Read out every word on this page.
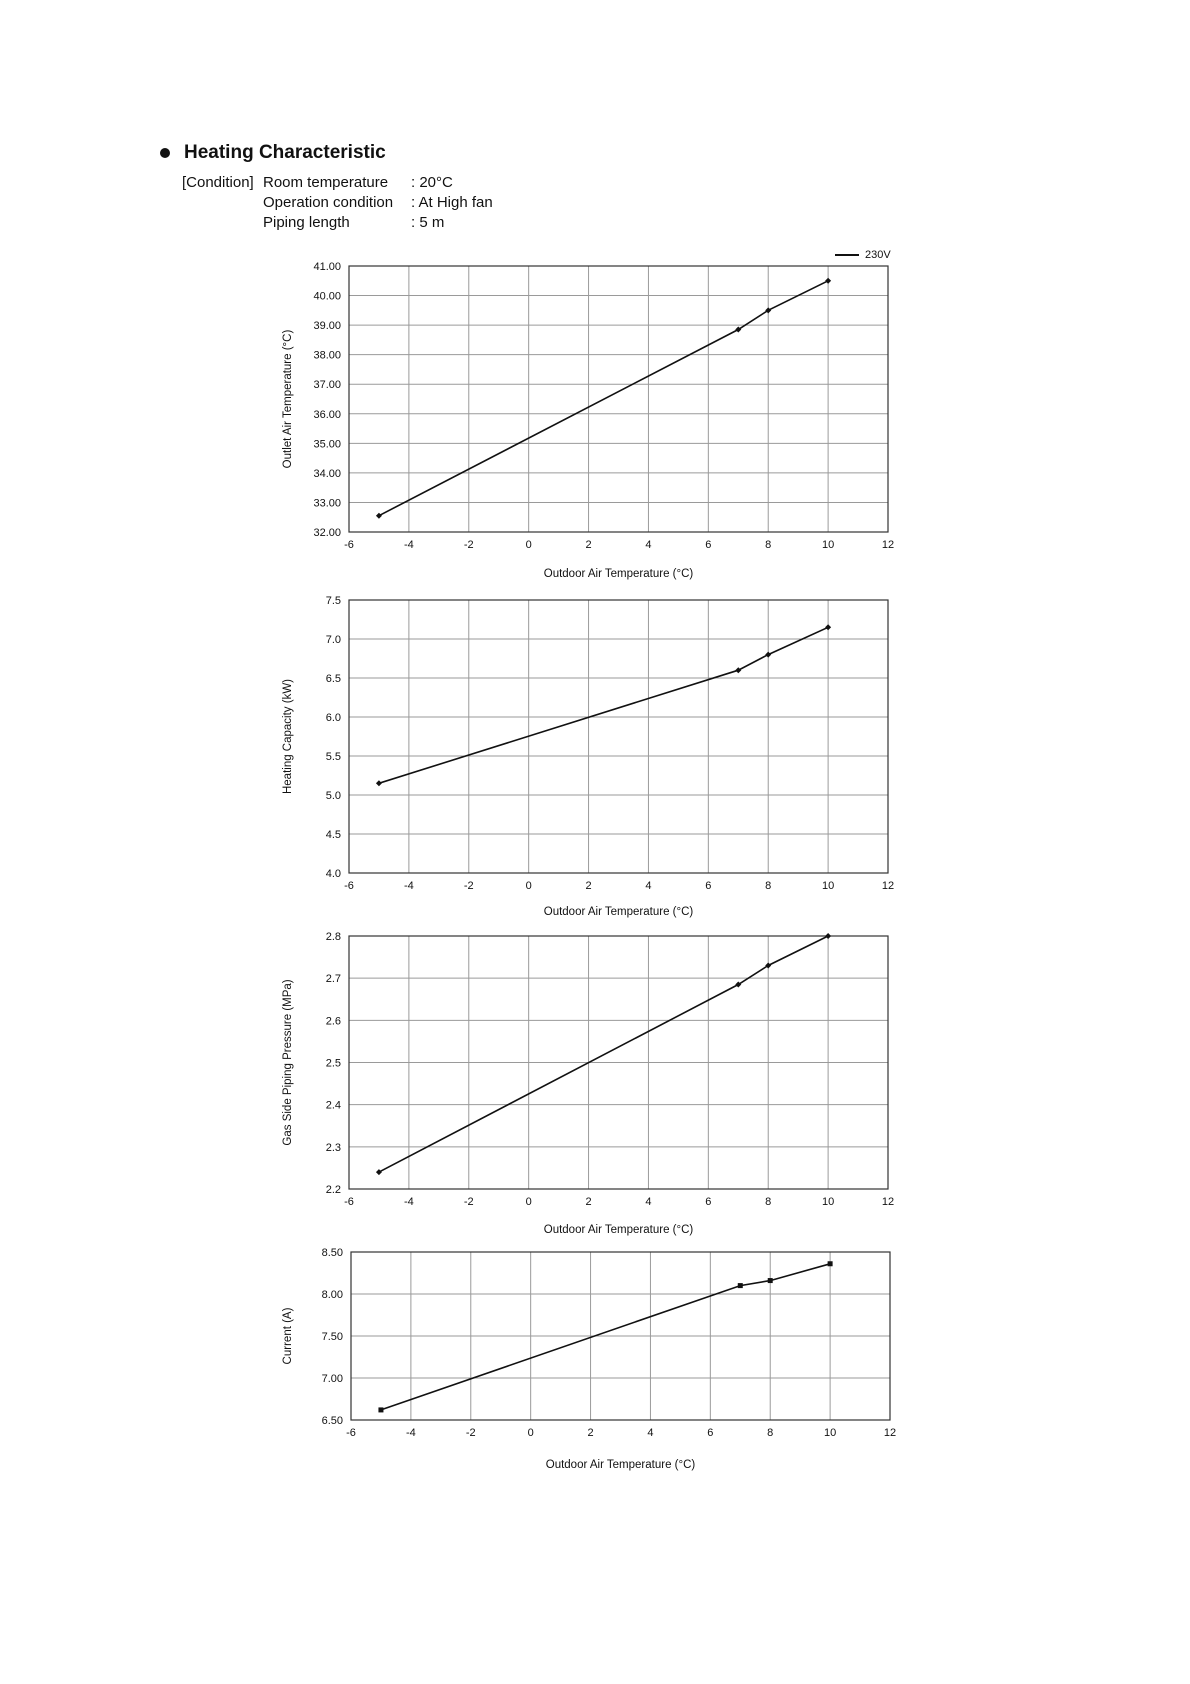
Heating Characteristic
[Condition] Room temperature : 20°C
Operation condition : At High fan
Piping length	: 5 m
230V
-6	-4	-2	0	2	4	6	8	10	12
32.00
33.00
34.00
35.00
36.00
37.00
38.00
39.00
40.00
41.00
Outdoor Air Temperature (°C)
Outlet Air Temperature (°C)
-6	-4	-2	0	2	4	6	8	10	12
4.0
4.5
5.0
5.5
6.0
6.5
7.0
7.5
Outdoor Air Temperature (°C)
Heating Capacity (kW)
-6	-4	-2	0	2	4	6	8	10	12
2.2
2.3
2.4
2.5
2.6
2.7
2.8
Outdoor Air Temperature (°C)
Gas Side Piping Pressure (MPa)
-6	-4	-2	0	2	4	6	8	10	12
6.50
7.00
7.50
8.00
8.50
Outdoor Air Temperature (°C)
Current (A)
